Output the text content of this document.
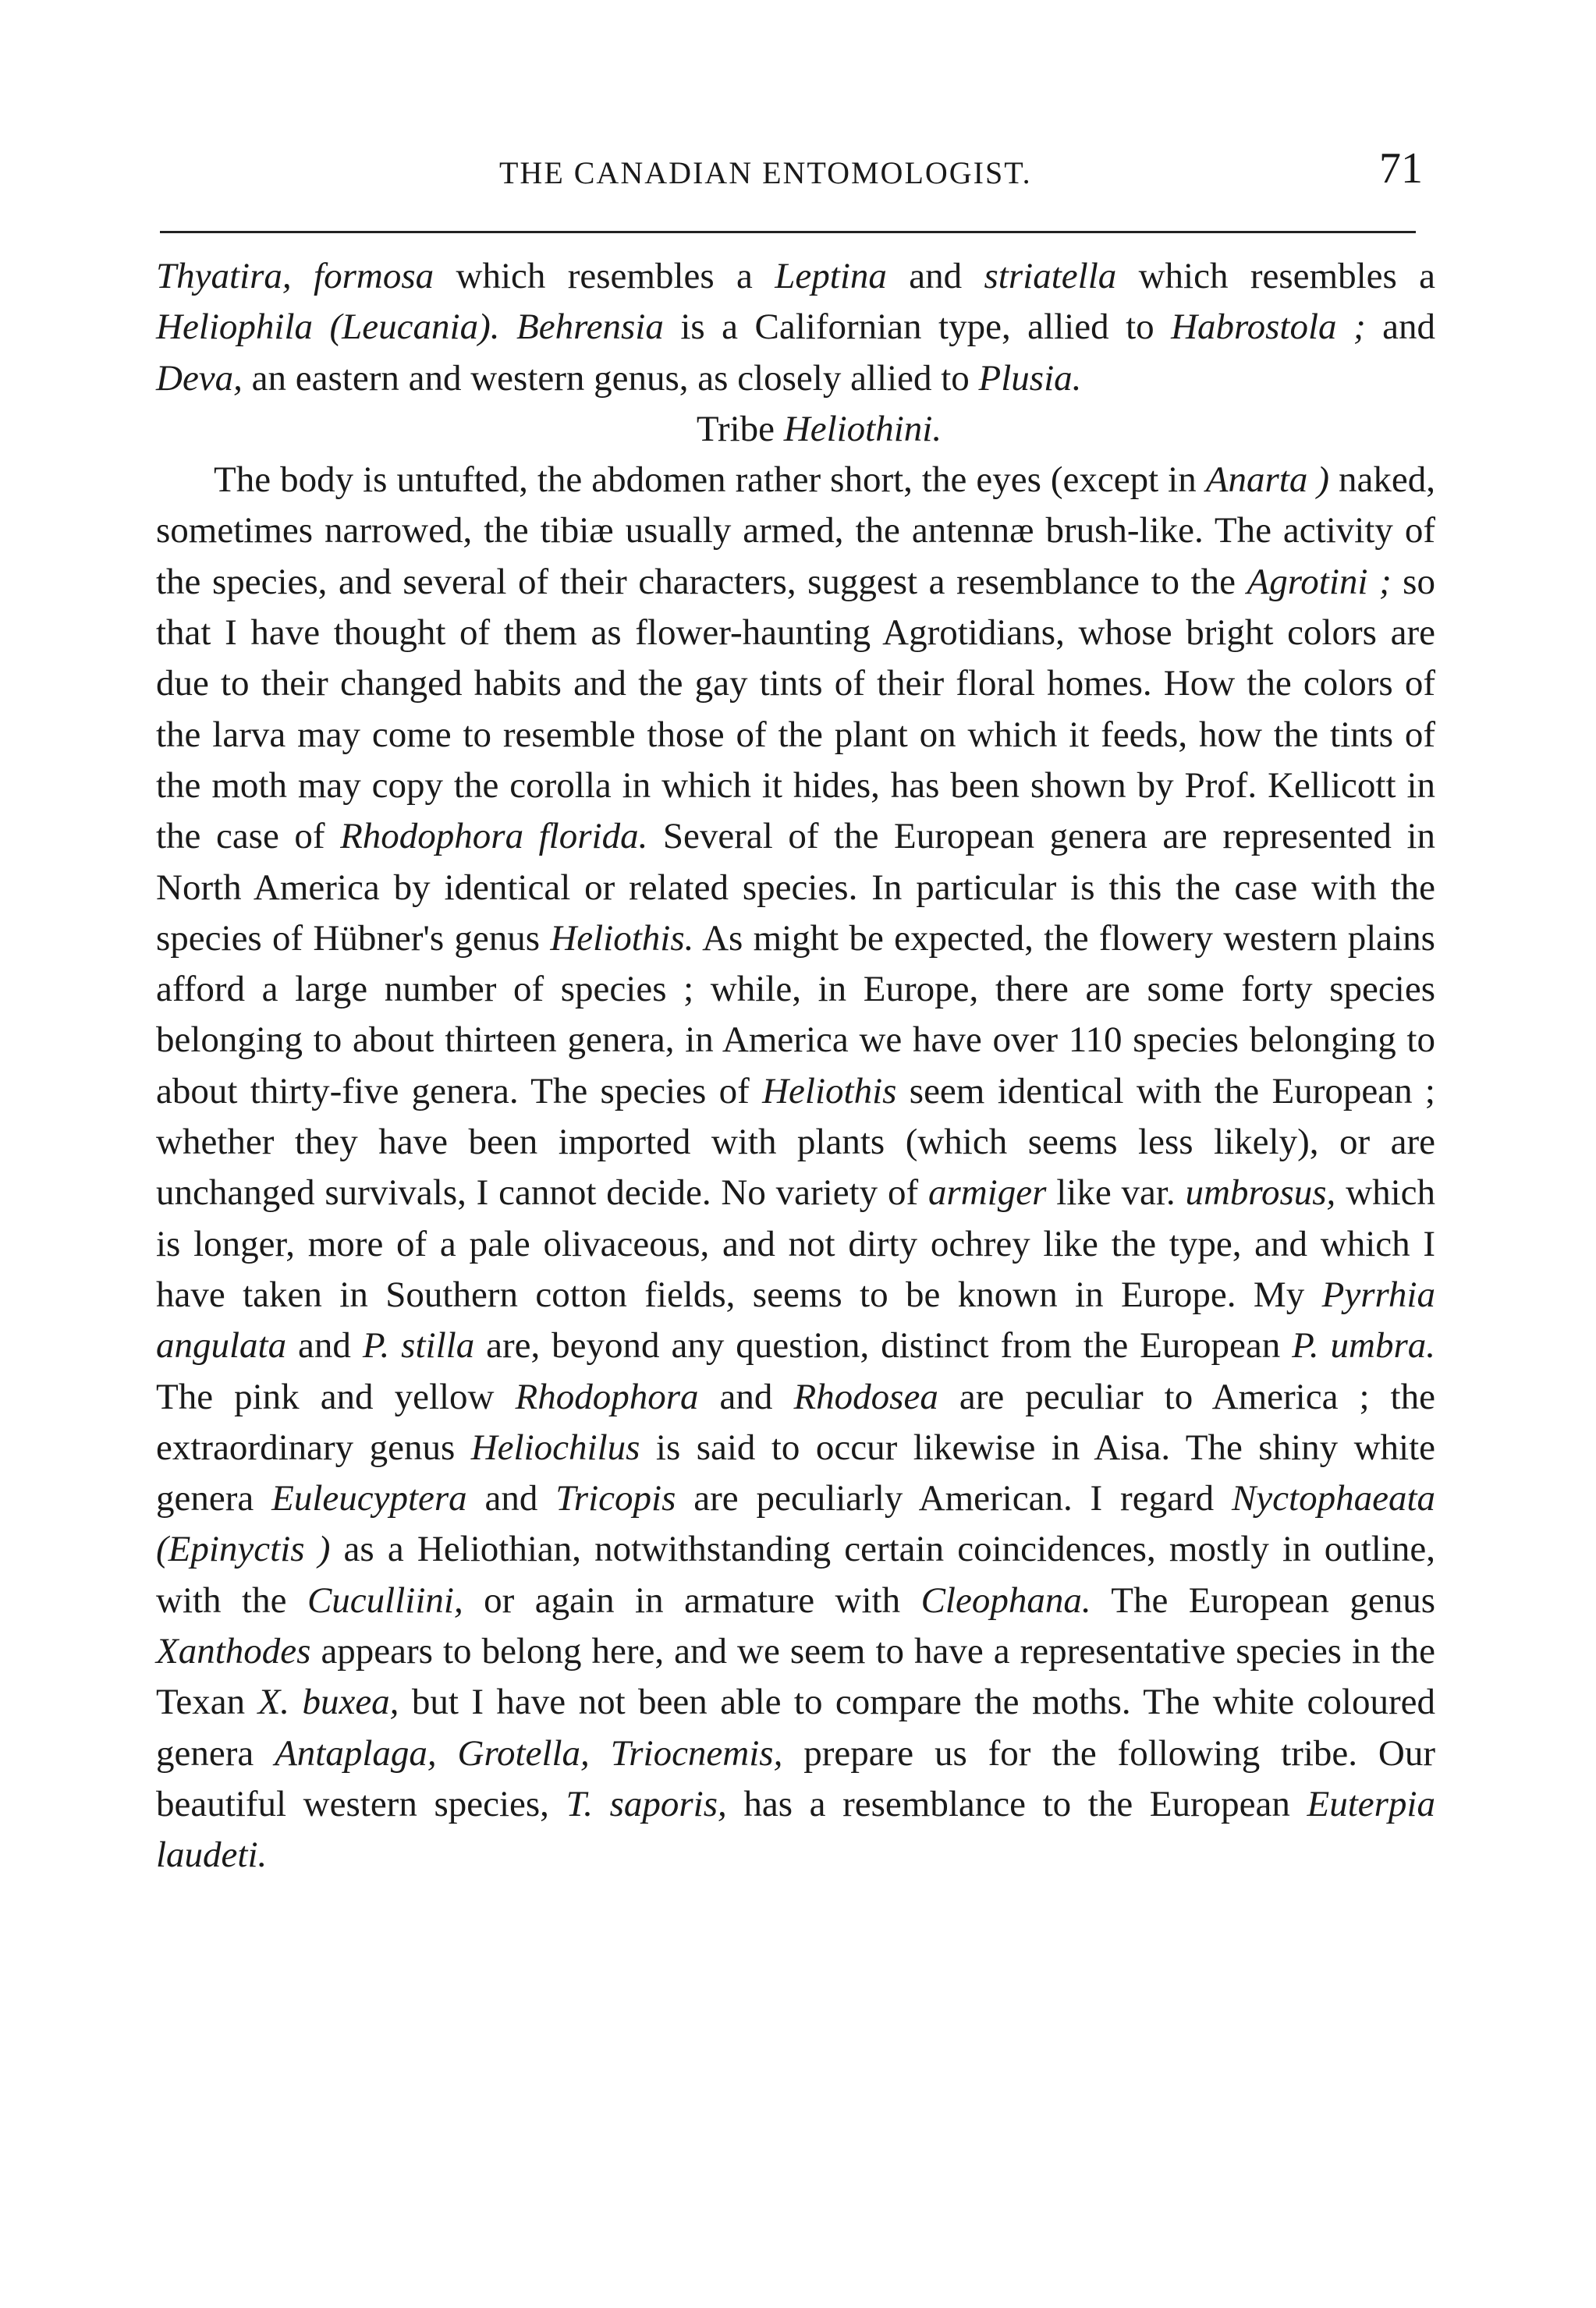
THE CANADIAN ENTOMOLOGIST.	71

Thyatira, formosa which resembles a Leptina and striatella which resembles a Heliophila (Leucania). Behrensia is a Californian type, allied to Habrostola ; and Deva, an eastern and western genus, as closely allied to Plusia.

Tribe Heliothini.

The body is untufted, the abdomen rather short, the eyes (except in Anarta ) naked, sometimes narrowed, the tibiæ usually armed, the antennæ brush-like. The activity of the species, and several of their characters, suggest a resemblance to the Agrotini ; so that I have thought of them as flower-haunting Agrotidians, whose bright colors are due to their changed habits and the gay tints of their floral homes. How the colors of the larva may come to resemble those of the plant on which it feeds, how the tints of the moth may copy the corolla in which it hides, has been shown by Prof. Kellicott in the case of Rhodophora florida. Several of the European genera are represented in North America by identical or related species. In particular is this the case with the species of Hübner's genus Heliothis. As might be expected, the flowery western plains afford a large number of species ; while, in Europe, there are some forty species belonging to about thirteen genera, in America we have over 110 species belonging to about thirty-five genera. The species of Heliothis seem identical with the European ; whether they have been imported with plants (which seems less likely), or are unchanged survivals, I cannot decide. No variety of armiger like var. umbrosus, which is longer, more of a pale olivaceous, and not dirty ochrey like the type, and which I have taken in Southern cotton fields, seems to be known in Europe. My Pyrrhia angulata and P. stilla are, beyond any question, distinct from the European P. umbra. The pink and yellow Rhodophora and Rhodosea are peculiar to America ; the extraordinary genus Heliochilus is said to occur likewise in Aisa. The shiny white genera Euleucyptera and Tricopis are peculiarly American. I regard Nyctophaeata (Epinyctis ) as a Heliothian, notwithstanding certain coincidences, mostly in outline, with the Cuculliini, or again in armature with Cleophana. The European genus Xanthodes appears to belong here, and we seem to have a representative species in the Texan X. buxea, but I have not been able to compare the moths. The white coloured genera Antaplaga, Grotella, Triocnemis, prepare us for the following tribe. Our beautiful western species, T. saporis, has a resemblance to the European Euterpia laudeti.
